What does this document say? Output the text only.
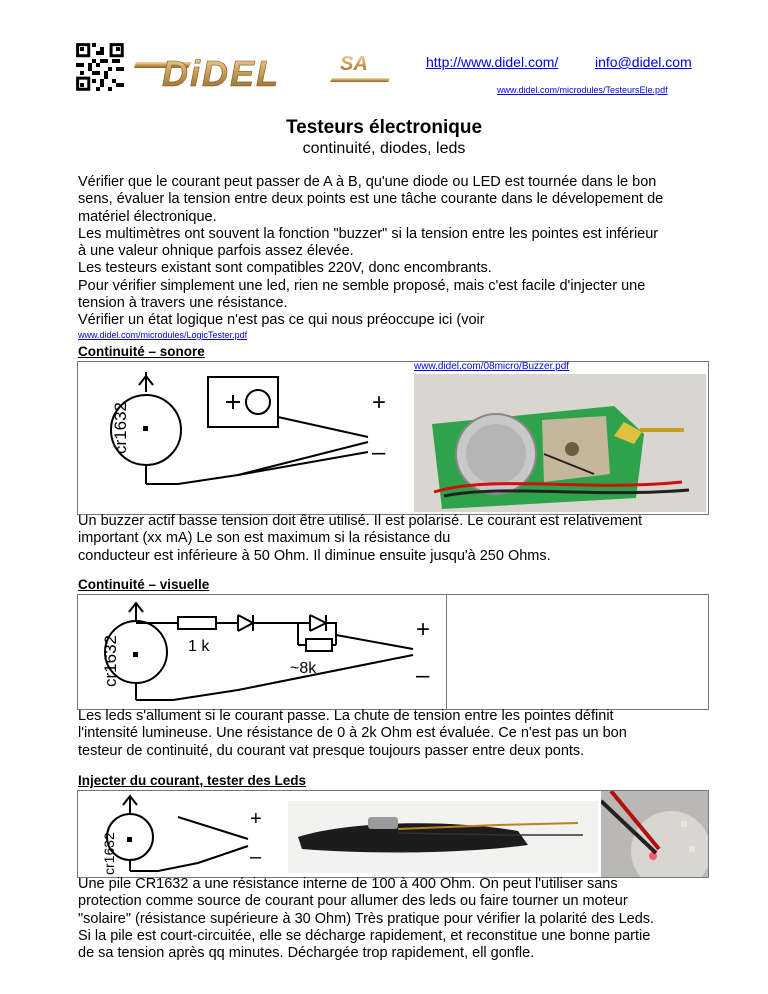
DiDEL	SA	http://www.didel.com/	info@didel.com
www.didel.com/microdules/TesteursEle.pdf
Testeurs électronique
continuité, diodes, leds

Vérifier que le courant peut passer de A à B, qu'une diode ou LED est tournée dans le bon

sens, évaluer la tension entre deux points est une tâche courante dans le dévelopement de

matériel électronique.

Les multimètres ont souvent la fonction "buzzer" si la tension entre les pointes est inférieur

à une valeur ohnique parfois assez élevée.

Les testeurs existant sont compatibles 220V, donc encombrants.

Pour vérifier simplement une led, rien ne semble proposé, mais c'est facile d'injecter une

tension à travers une résistance.

Vérifier un état logique n'est pas ce qui nous préoccupe ici (voir

www.didel.com/microdules/LogicTester.pdf
Continuité – sonore
cr1632	+
–
www.didel.com/08micro/Buzzer.pdf

Un buzzer actif basse tension doit être utilisé. Il est polarisé. Le courant est relativement

important (xx mA) Le son est maximum si la résistance du

conducteur est inférieure à 50 Ohm. Il diminue ensuite jusqu'à 250 Ohms.

Continuité – visuelle
cr1632	1 k
~8k
+
–

Les leds s'allument si le courant passe. La chute de tension entre les pointes définit

l'intensité lumineuse. Une résistance de 0 à 2k Ohm est évaluée. Ce n'est pas un bon

testeur de continuité, du courant vat presque toujours passer entre deux ponts.

Injecter du courant, tester des Leds
cr1632
+
–

Une pile CR1632 a une résistance interne de 100 à 400 Ohm. On peut l'utiliser sans

protection comme source de courant pour allumer des leds ou faire tourner un moteur

"solaire" (résistance supérieure à 30 Ohm) Très pratique pour vérifier la polarité des Leds.

Si la pile est court-circuitée, elle se décharge rapidement, et reconstitue une bonne partie

de sa tension après qq minutes. Déchargée trop rapidement, ell gonfle.
